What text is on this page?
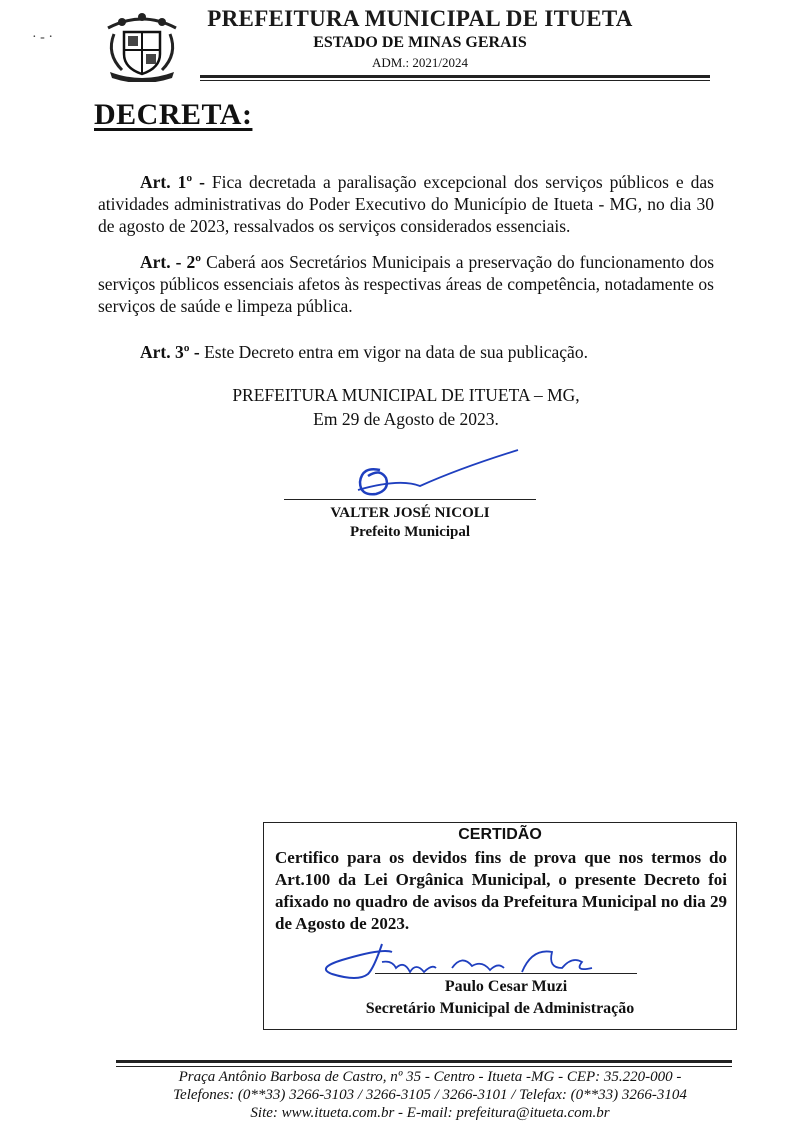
· - ·
PREFEITURA MUNICIPAL DE ITUETA
ESTADO DE MINAS GERAIS
ADM.: 2021/2024
DECRETA:
Art. 1º - Fica decretada a paralisação excepcional dos serviços públicos e das atividades administrativas do Poder Executivo do Município de Itueta - MG, no dia 30 de agosto de 2023, ressalvados os serviços considerados essenciais.
Art. - 2º Caberá aos Secretários Municipais a preservação do funcionamento dos serviços públicos essenciais afetos às respectivas áreas de competência, notadamente os serviços de saúde e limpeza pública.
Art. 3º - Este Decreto entra em vigor na data de sua publicação.
PREFEITURA MUNICIPAL DE ITUETA – MG,
Em 29 de Agosto de 2023.
VALTER JOSÉ NICOLI
Prefeito Municipal
CERTIDÃO
Certifico para os devidos fins de prova que nos termos do Art.100 da Lei Orgânica Municipal, o presente Decreto foi afixado no quadro de avisos da Prefeitura Municipal no dia 29 de Agosto de 2023.
Paulo Cesar Muzi
Secretário Municipal de Administração
Praça Antônio Barbosa de Castro, nº 35 - Centro - Itueta -MG - CEP: 35.220-000 -
Telefones: (0**33) 3266-3103 / 3266-3105 / 3266-3101 / Telefax: (0**33) 3266-3104
Site: www.itueta.com.br - E-mail: prefeitura@itueta.com.br
